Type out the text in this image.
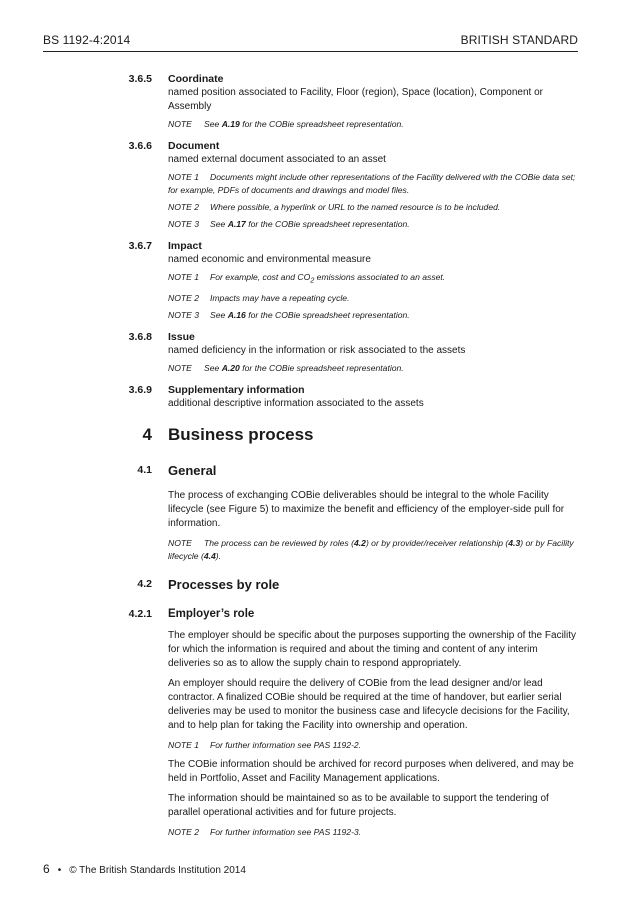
BS 1192-4:2014	BRITISH STANDARD
3.6.5 Coordinate
named position associated to Facility, Floor (region), Space (location), Component or Assembly
NOTE See A.19 for the COBie spreadsheet representation.
3.6.6 Document
named external document associated to an asset
NOTE 1 Documents might include other representations of the Facility delivered with the COBie data set; for example, PDFs of documents and drawings and model files.
NOTE 2 Where possible, a hyperlink or URL to the named resource is to be included.
NOTE 3 See A.17 for the COBie spreadsheet representation.
3.6.7 Impact
named economic and environmental measure
NOTE 1 For example, cost and $CO_2$ emissions associated to an asset.
NOTE 2 Impacts may have a repeating cycle.
NOTE 3 See A.16 for the COBie spreadsheet representation.
3.6.8 Issue
named deficiency in the information or risk associated to the assets
NOTE See A.20 for the COBie spreadsheet representation.
3.6.9 Supplementary information
additional descriptive information associated to the assets
4 Business process
4.1 General

The process of exchanging COBie deliverables should be integral to the whole Facility lifecycle (see Figure 5) to maximize the benefit and efficiency of the employer-side pull for information.

NOTE The process can be reviewed by roles (4.2) or by provider/receiver relationship (4.3) or by Facility lifecycle (4.4).
4.2 Processes by role
4.2.1 Employer’s role

The employer should be specific about the purposes supporting the ownership of the Facility for which the information is required and about the timing and content of any interim deliveries so as to allow the supply chain to respond appropriately.

An employer should require the delivery of COBie from the lead designer and/or lead contractor. A finalized COBie should be required at the time of handover, but earlier serial deliveries may be used to monitor the business case and lifecycle decisions for the Facility, and to help plan for taking the Facility into ownership and operation.

NOTE 1 For further information see PAS 1192-2.

The COBie information should be archived for record purposes when delivered, and may be held in Portfolio, Asset and Facility Management applications.

The information should be maintained so as to be available to support the tendering of parallel operational activities and for future projects.

NOTE 2 For further information see PAS 1192-3.
6 • © The British Standards Institution 2014
